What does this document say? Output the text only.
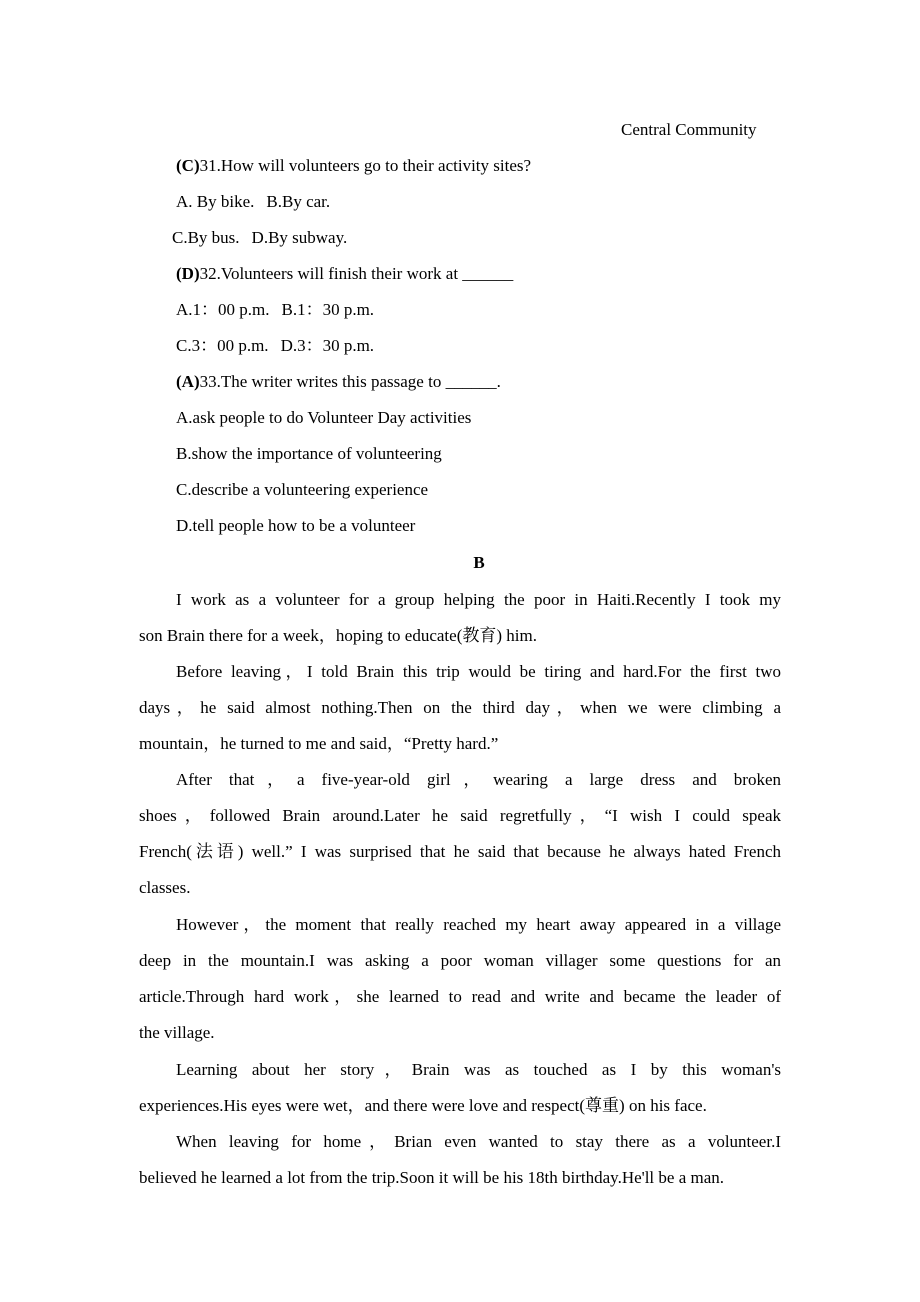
Central Community
(C)31.How will volunteers go to their activity sites?
A. By bike. B.By car.
C.By bus. D.By subway.
(D)32.Volunteers will finish their work at ______
A.1：00 p.m. B.1：30 p.m.
C.3：00 p.m. D.3：30 p.m.
(A)33.The writer writes this passage to ______.
A.ask people to do Volunteer Day activities
B.show the importance of volunteering
C.describe a volunteering experience
D.tell people how to be a volunteer
B
I work as a volunteer for a group helping the poor in Haiti.Recently I took my
son Brain there for a week，hoping to educate(教育) him.
Before leaving，I told Brain this trip would be tiring and hard.For the first two
days，he said almost nothing.Then on the third day，when we were climbing a
mountain，he turned to me and said，“Pretty hard.”
After that，a five-year-old girl，wearing a large dress and broken
shoes，followed Brain around.Later he said regretfully，“I wish I could speak
French(法语) well.” I was surprised that he said that because he always hated French
classes.
However，the moment that really reached my heart away appeared in a village
deep in the mountain.I was asking a poor woman villager some questions for an
article.Through hard work，she learned to read and write and became the leader of
the village.
Learning about her story，Brain was as touched as I by this woman's
experiences.His eyes were wet，and there were love and respect(尊重) on his face.
When leaving for home，Brian even wanted to stay there as a volunteer.I
believed he learned a lot from the trip.Soon it will be his 18th birthday.He'll be a man.
